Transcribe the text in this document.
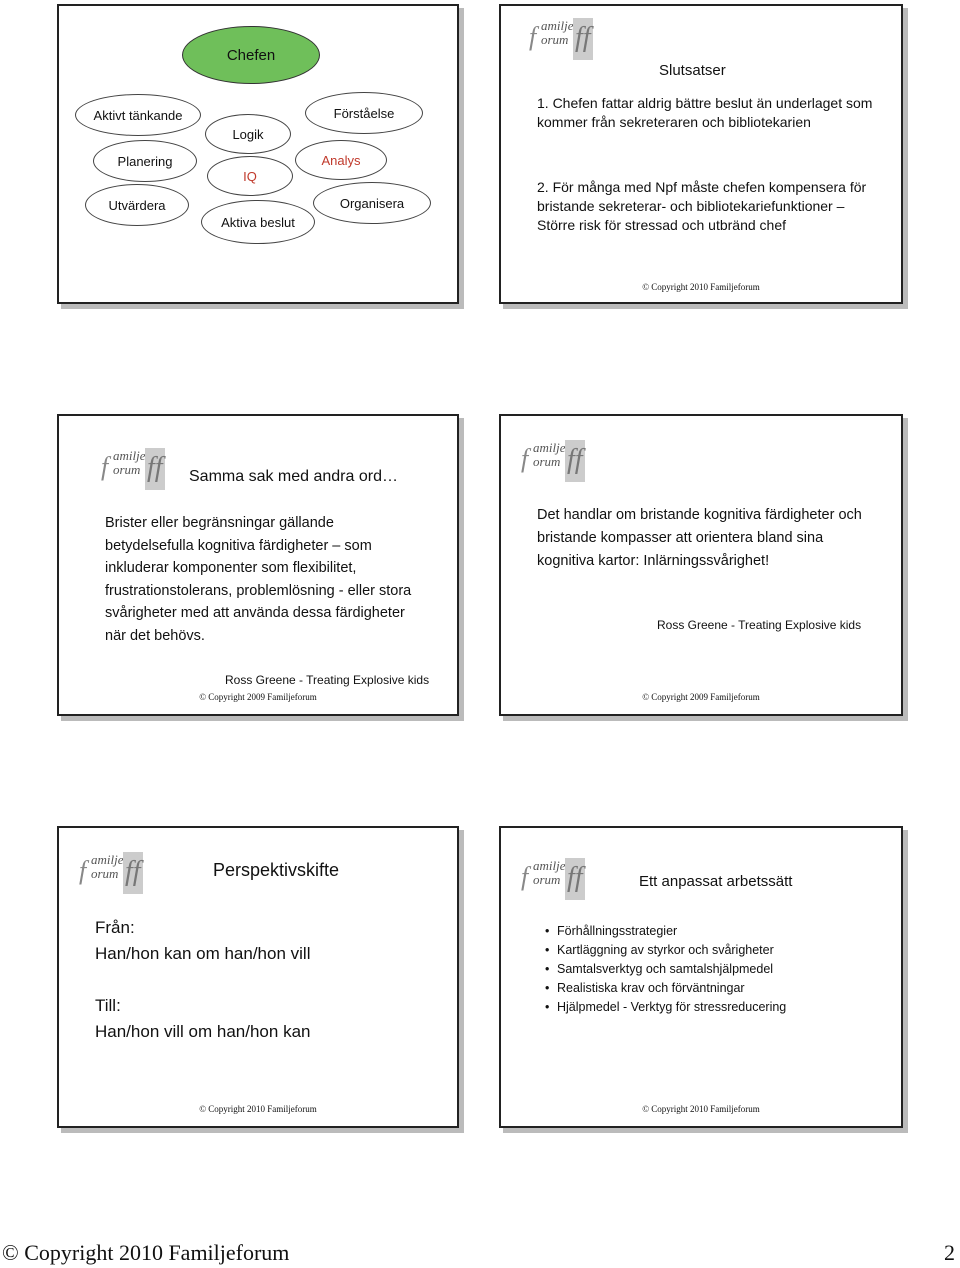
Chefen
Aktivt tänkande
Planering
Utvärdera
Logik
IQ
Aktiva beslut
Förståelse
Analys
Organisera
f amilje
orum ff
Slutsatser
1. Chefen fattar aldrig bättre beslut än underlaget som kommer från sekreteraren och bibliotekarien
2. För många med Npf måste chefen kompensera för bristande sekreterar- och bibliotekariefunktioner – Större risk för stressad och utbränd chef
© Copyright 2010 Familjeforum
f amilje
orum ff Samma sak med andra ord…
Brister eller begränsningar gällande betydelsefulla kognitiva färdigheter – som inkluderar komponenter som flexibilitet, frustrationstolerans, problemlösning - eller stora svårigheter med att använda dessa färdigheter när det behövs.
Ross Greene - Treating Explosive kids
© Copyright 2009 Familjeforum
f amilje
orum ff
Det handlar om bristande kognitiva färdigheter och bristande kompasser att orientera bland sina kognitiva kartor: Inlärningssvårighet!
Ross Greene - Treating Explosive kids
© Copyright 2009 Familjeforum
f amilje
orum ff	Perspektivskifte
Från:
Han/hon kan om han/hon vill
Till:
Han/hon vill om han/hon kan
© Copyright 2010 Familjeforum
f amilje
orum ff	Ett anpassat arbetssätt
• Förhållningsstrategier
• Kartläggning av styrkor och svårigheter
• Samtalsverktyg och samtalshjälpmedel
• Realistiska krav och förväntningar
• Hjälpmedel - Verktyg för stressreducering
© Copyright 2010 Familjeforum
© Copyright 2010 Familjeforum	2
